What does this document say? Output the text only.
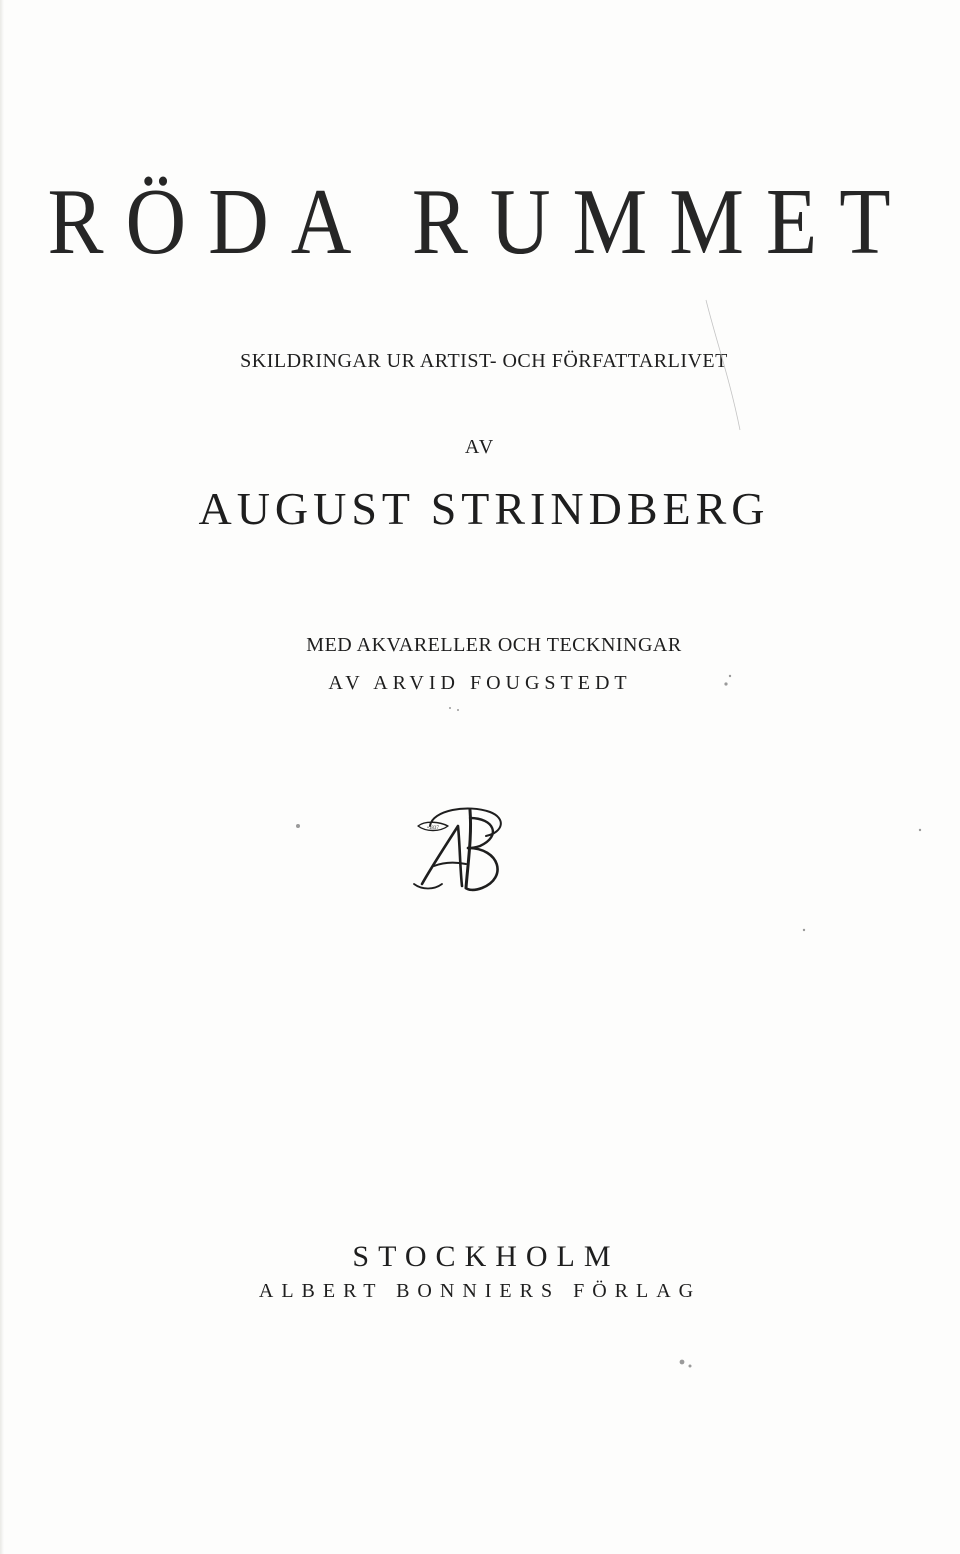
RÖDA RUMMET
SKILDRINGAR UR ARTIST- OCH FÖRFATTARLIVET
AV
AUGUST STRINDBERG
MED AKVARELLER OCH TECKNINGAR
AV ARVID FOUGSTEDT
•1837
STOCKHOLM
ALBERT BONNIERS FÖRLAG
